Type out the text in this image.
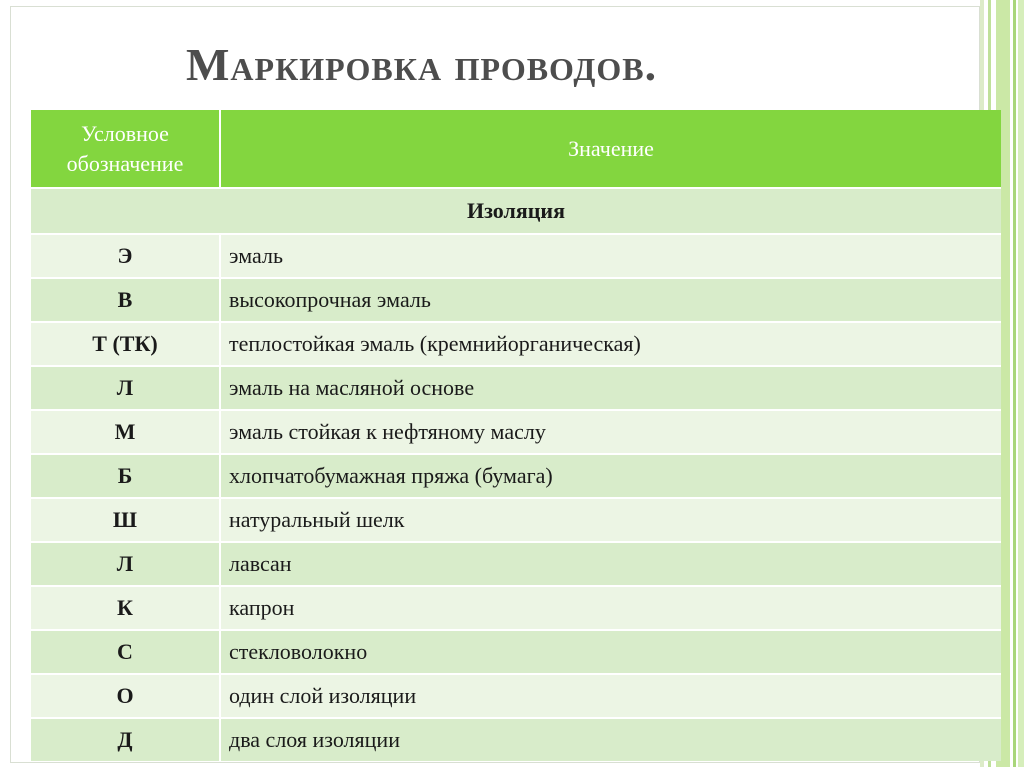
Маркировка проводов.
Условное обозначение	Значение
Изоляция	
Э	эмаль
В	высокопрочная эмаль
Т (ТК)	теплостойкая эмаль (кремнийорганическая)
Л	эмаль на масляной основе
М	эмаль стойкая к нефтяному маслу
Б	хлопчатобумажная пряжа (бумага)
Ш	натуральный шелк
Л	лавсан
К	капрон
С	стекловолокно
О	один слой изоляции
Д	два слоя изоляции
